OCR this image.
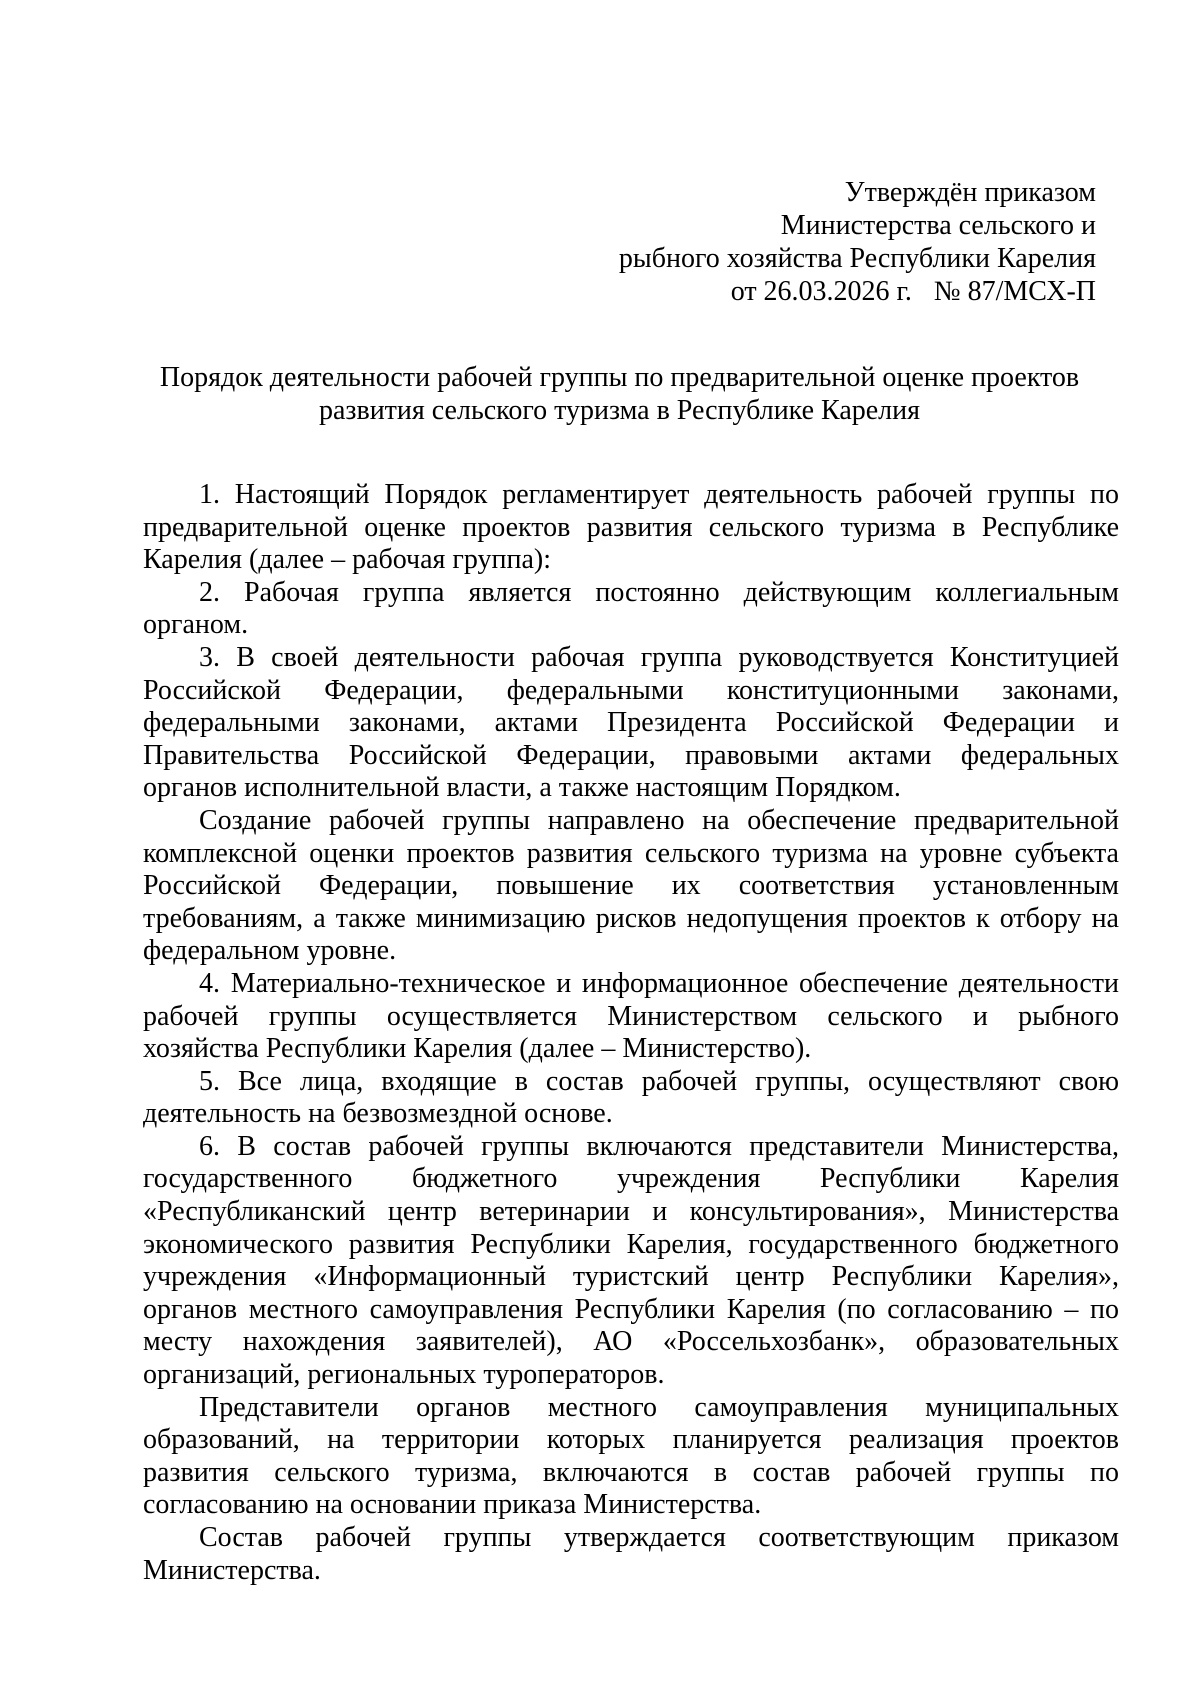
Утверждён приказом
Министерства сельского и
рыбного хозяйства Республики Карелия
от 26.03.2026 г. № 87/МСХ-П
Порядок деятельности рабочей группы по предварительной оценке проектов
развития сельского туризма в Республике Карелия
1. Настоящий Порядок регламентирует деятельность рабочей группы по
предварительной оценке проектов развития сельского туризма в Республике
Карелия (далее – рабочая группа):
2. Рабочая группа является постоянно действующим коллегиальным
органом.
3. В своей деятельности рабочая группа руководствуется Конституцией
Российской Федерации, федеральными конституционными законами,
федеральными законами, актами Президента Российской Федерации и
Правительства Российской Федерации, правовыми актами федеральных
органов исполнительной власти, а также настоящим Порядком.
Создание рабочей группы направлено на обеспечение предварительной
комплексной оценки проектов развития сельского туризма на уровне субъекта
Российской Федерации, повышение их соответствия установленным
требованиям, а также минимизацию рисков недопущения проектов к отбору на
федеральном уровне.
4. Материально-техническое и информационное обеспечение деятельности
рабочей группы осуществляется Министерством сельского и рыбного
хозяйства Республики Карелия (далее – Министерство).
5. Все лица, входящие в состав рабочей группы, осуществляют свою
деятельность на безвозмездной основе.
6. В состав рабочей группы включаются представители Министерства,
государственного бюджетного учреждения Республики Карелия
«Республиканский центр ветеринарии и консультирования», Министерства
экономического развития Республики Карелия, государственного бюджетного
учреждения «Информационный туристский центр Республики Карелия»,
органов местного самоуправления Республики Карелия (по согласованию – по
месту нахождения заявителей), АО «Россельхозбанк», образовательных
организаций, региональных туроператоров.
Представители органов местного самоуправления муниципальных
образований, на территории которых планируется реализация проектов
развития сельского туризма, включаются в состав рабочей группы по
согласованию на основании приказа Министерства.
Состав рабочей группы утверждается соответствующим приказом
Министерства.
